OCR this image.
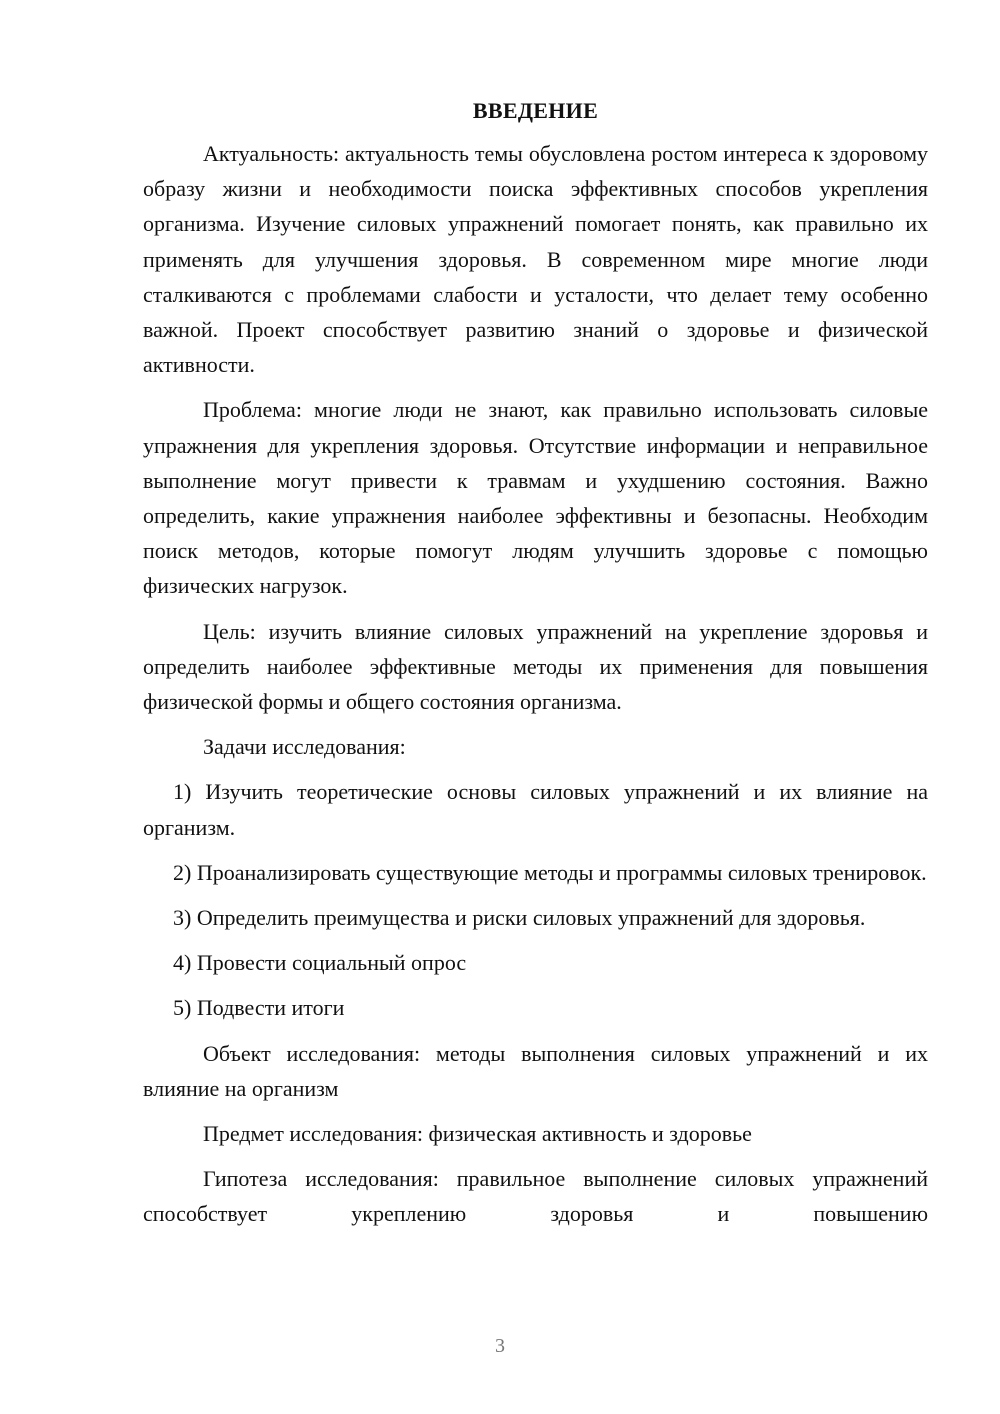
ВВЕДЕНИЕ

Актуальность: актуальность темы обусловлена ростом интереса к здоровому образу жизни и необходимости поиска эффективных способов укрепления организма. Изучение силовых упражнений помогает понять, как правильно их применять для улучшения здоровья. В современном мире многие люди сталкиваются с проблемами слабости и усталости, что делает тему особенно важной. Проект способствует развитию знаний о здоровье и физической активности.

Проблема: многие люди не знают, как правильно использовать силовые упражнения для укрепления здоровья. Отсутствие информации и неправильное выполнение могут привести к травмам и ухудшению состояния. Важно определить, какие упражнения наиболее эффективны и безопасны. Необходим поиск методов, которые помогут людям улучшить здоровье с помощью физических нагрузок.

Цель: изучить влияние силовых упражнений на укрепление здоровья и определить наиболее эффективные методы их применения для повышения физической формы и общего состояния организма.

Задачи исследования:

1) Изучить теоретические основы силовых упражнений и их влияние на организм.

2) Проанализировать существующие методы и программы силовых тренировок.

3) Определить преимущества и риски силовых упражнений для здоровья.

4) Провести социальный опрос

5) Подвести итоги

Объект исследования: методы выполнения силовых упражнений и их влияние на организм

Предмет исследования: физическая активность и здоровье

Гипотеза исследования: правильное выполнение силовых упражнений способствует укреплению здоровья и повышению

3
